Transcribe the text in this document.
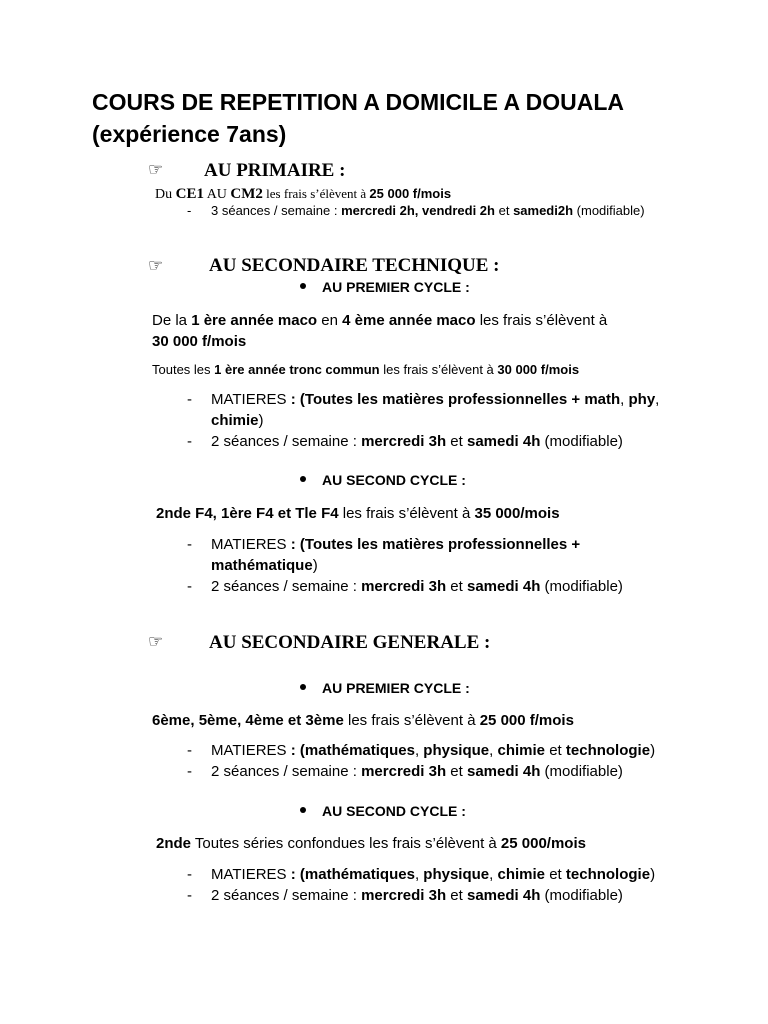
COURS DE REPETITION A DOMICILE A DOUALA
(expérience 7ans)
☞ AU PRIMAIRE :
Du CE1 AU CM2 les frais s’élèvent à 25 000 f/mois
- 3 séances / semaine : mercredi 2h, vendredi 2h et samedi2h (modifiable)
☞ AU SECONDAIRE TECHNIQUE :
AU PREMIER CYCLE :
De la 1 ère année maco en 4 ème année maco les frais s’élèvent à
30 000 f/mois
Toutes les 1 ère année tronc commun les frais s’élèvent à 30 000 f/mois
- MATIERES : (Toutes les matières professionnelles + math, phy,
chimie)
- 2 séances / semaine : mercredi 3h et samedi 4h (modifiable)
AU SECOND CYCLE :
2nde F4, 1ère F4 et Tle F4 les frais s’élèvent à 35 000/mois
- MATIERES : (Toutes les matières professionnelles +
mathématique)
- 2 séances / semaine : mercredi 3h et samedi 4h (modifiable)
☞ AU SECONDAIRE GENERALE :
AU PREMIER CYCLE :
6ème, 5ème, 4ème et 3ème les frais s’élèvent à 25 000 f/mois
- MATIERES : (mathématiques, physique, chimie et technologie)
- 2 séances / semaine : mercredi 3h et samedi 4h (modifiable)
AU SECOND CYCLE :
2nde Toutes séries confondues les frais s’élèvent à 25 000/mois
- MATIERES : (mathématiques, physique, chimie et technologie)
- 2 séances / semaine : mercredi 3h et samedi 4h (modifiable)
